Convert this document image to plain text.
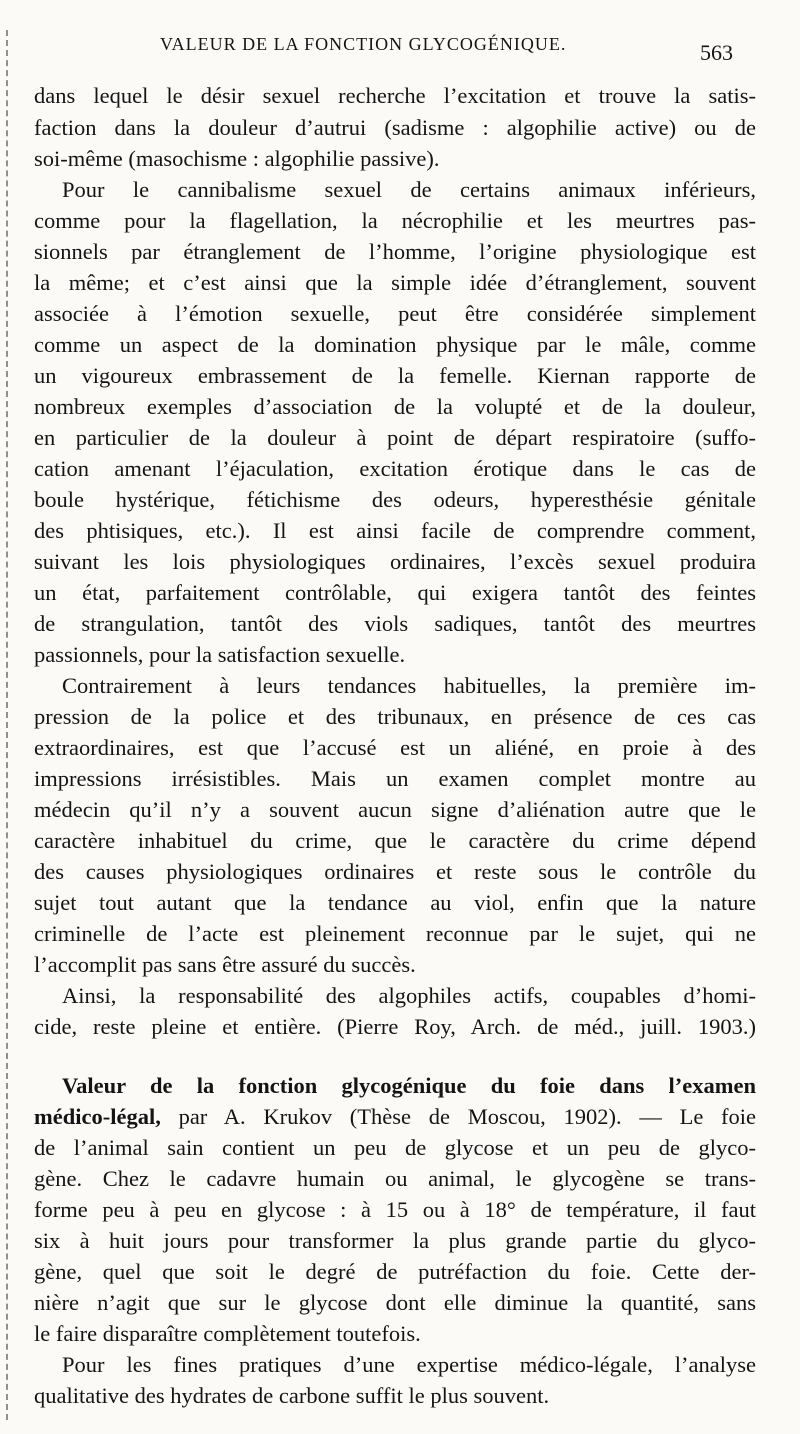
VALEUR DE LA FONCTION GLYCOGÉNIQUE.	563
dans lequel le désir sexuel recherche l’excitation et trouve la satis-
faction dans la douleur d’autrui (sadisme : algophilie active) ou de
soi-même (masochisme : algophilie passive).
Pour le cannibalisme sexuel de certains animaux inférieurs,
comme pour la flagellation, la nécrophilie et les meurtres pas-
sionnels par étranglement de l’homme, l’origine physiologique est
la même; et c’est ainsi que la simple idée d’étranglement, souvent
associée à l’émotion sexuelle, peut être considérée simplement
comme un aspect de la domination physique par le mâle, comme
un vigoureux embrassement de la femelle. Kiernan rapporte de
nombreux exemples d’association de la volupté et de la douleur,
en particulier de la douleur à point de départ respiratoire (suffo-
cation amenant l’éjaculation, excitation érotique dans le cas de
boule hystérique, fétichisme des odeurs, hyperesthésie génitale
des phtisiques, etc.). Il est ainsi facile de comprendre comment,
suivant les lois physiologiques ordinaires, l’excès sexuel produira
un état, parfaitement contrôlable, qui exigera tantôt des feintes
de strangulation, tantôt des viols sadiques, tantôt des meurtres
passionnels, pour la satisfaction sexuelle.
Contrairement à leurs tendances habituelles, la première im-
pression de la police et des tribunaux, en présence de ces cas
extraordinaires, est que l’accusé est un aliéné, en proie à des
impressions irrésistibles. Mais un examen complet montre au
médecin qu’il n’y a souvent aucun signe d’aliénation autre que le
caractère inhabituel du crime, que le caractère du crime dépend
des causes physiologiques ordinaires et reste sous le contrôle du
sujet tout autant que la tendance au viol, enfin que la nature
criminelle de l’acte est pleinement reconnue par le sujet, qui ne
l’accomplit pas sans être assuré du succès.
Ainsi, la responsabilité des algophiles actifs, coupables d’homi-
cide, reste pleine et entière. (Pierre Roy, Arch. de méd., juill. 1903.)
Valeur de la fonction glycogénique du foie dans l’examen
médico-légal, par A. Krukov (Thèse de Moscou, 1902). — Le foie
de l’animal sain contient un peu de glycose et un peu de glyco-
gène. Chez le cadavre humain ou animal, le glycogène se trans-
forme peu à peu en glycose : à 15 ou à 18° de température, il faut
six à huit jours pour transformer la plus grande partie du glyco-
gène, quel que soit le degré de putréfaction du foie. Cette der-
nière n’agit que sur le glycose dont elle diminue la quantité, sans
le faire disparaître complètement toutefois.
Pour les fines pratiques d’une expertise médico-légale, l’analyse
qualitative des hydrates de carbone suffit le plus souvent.
